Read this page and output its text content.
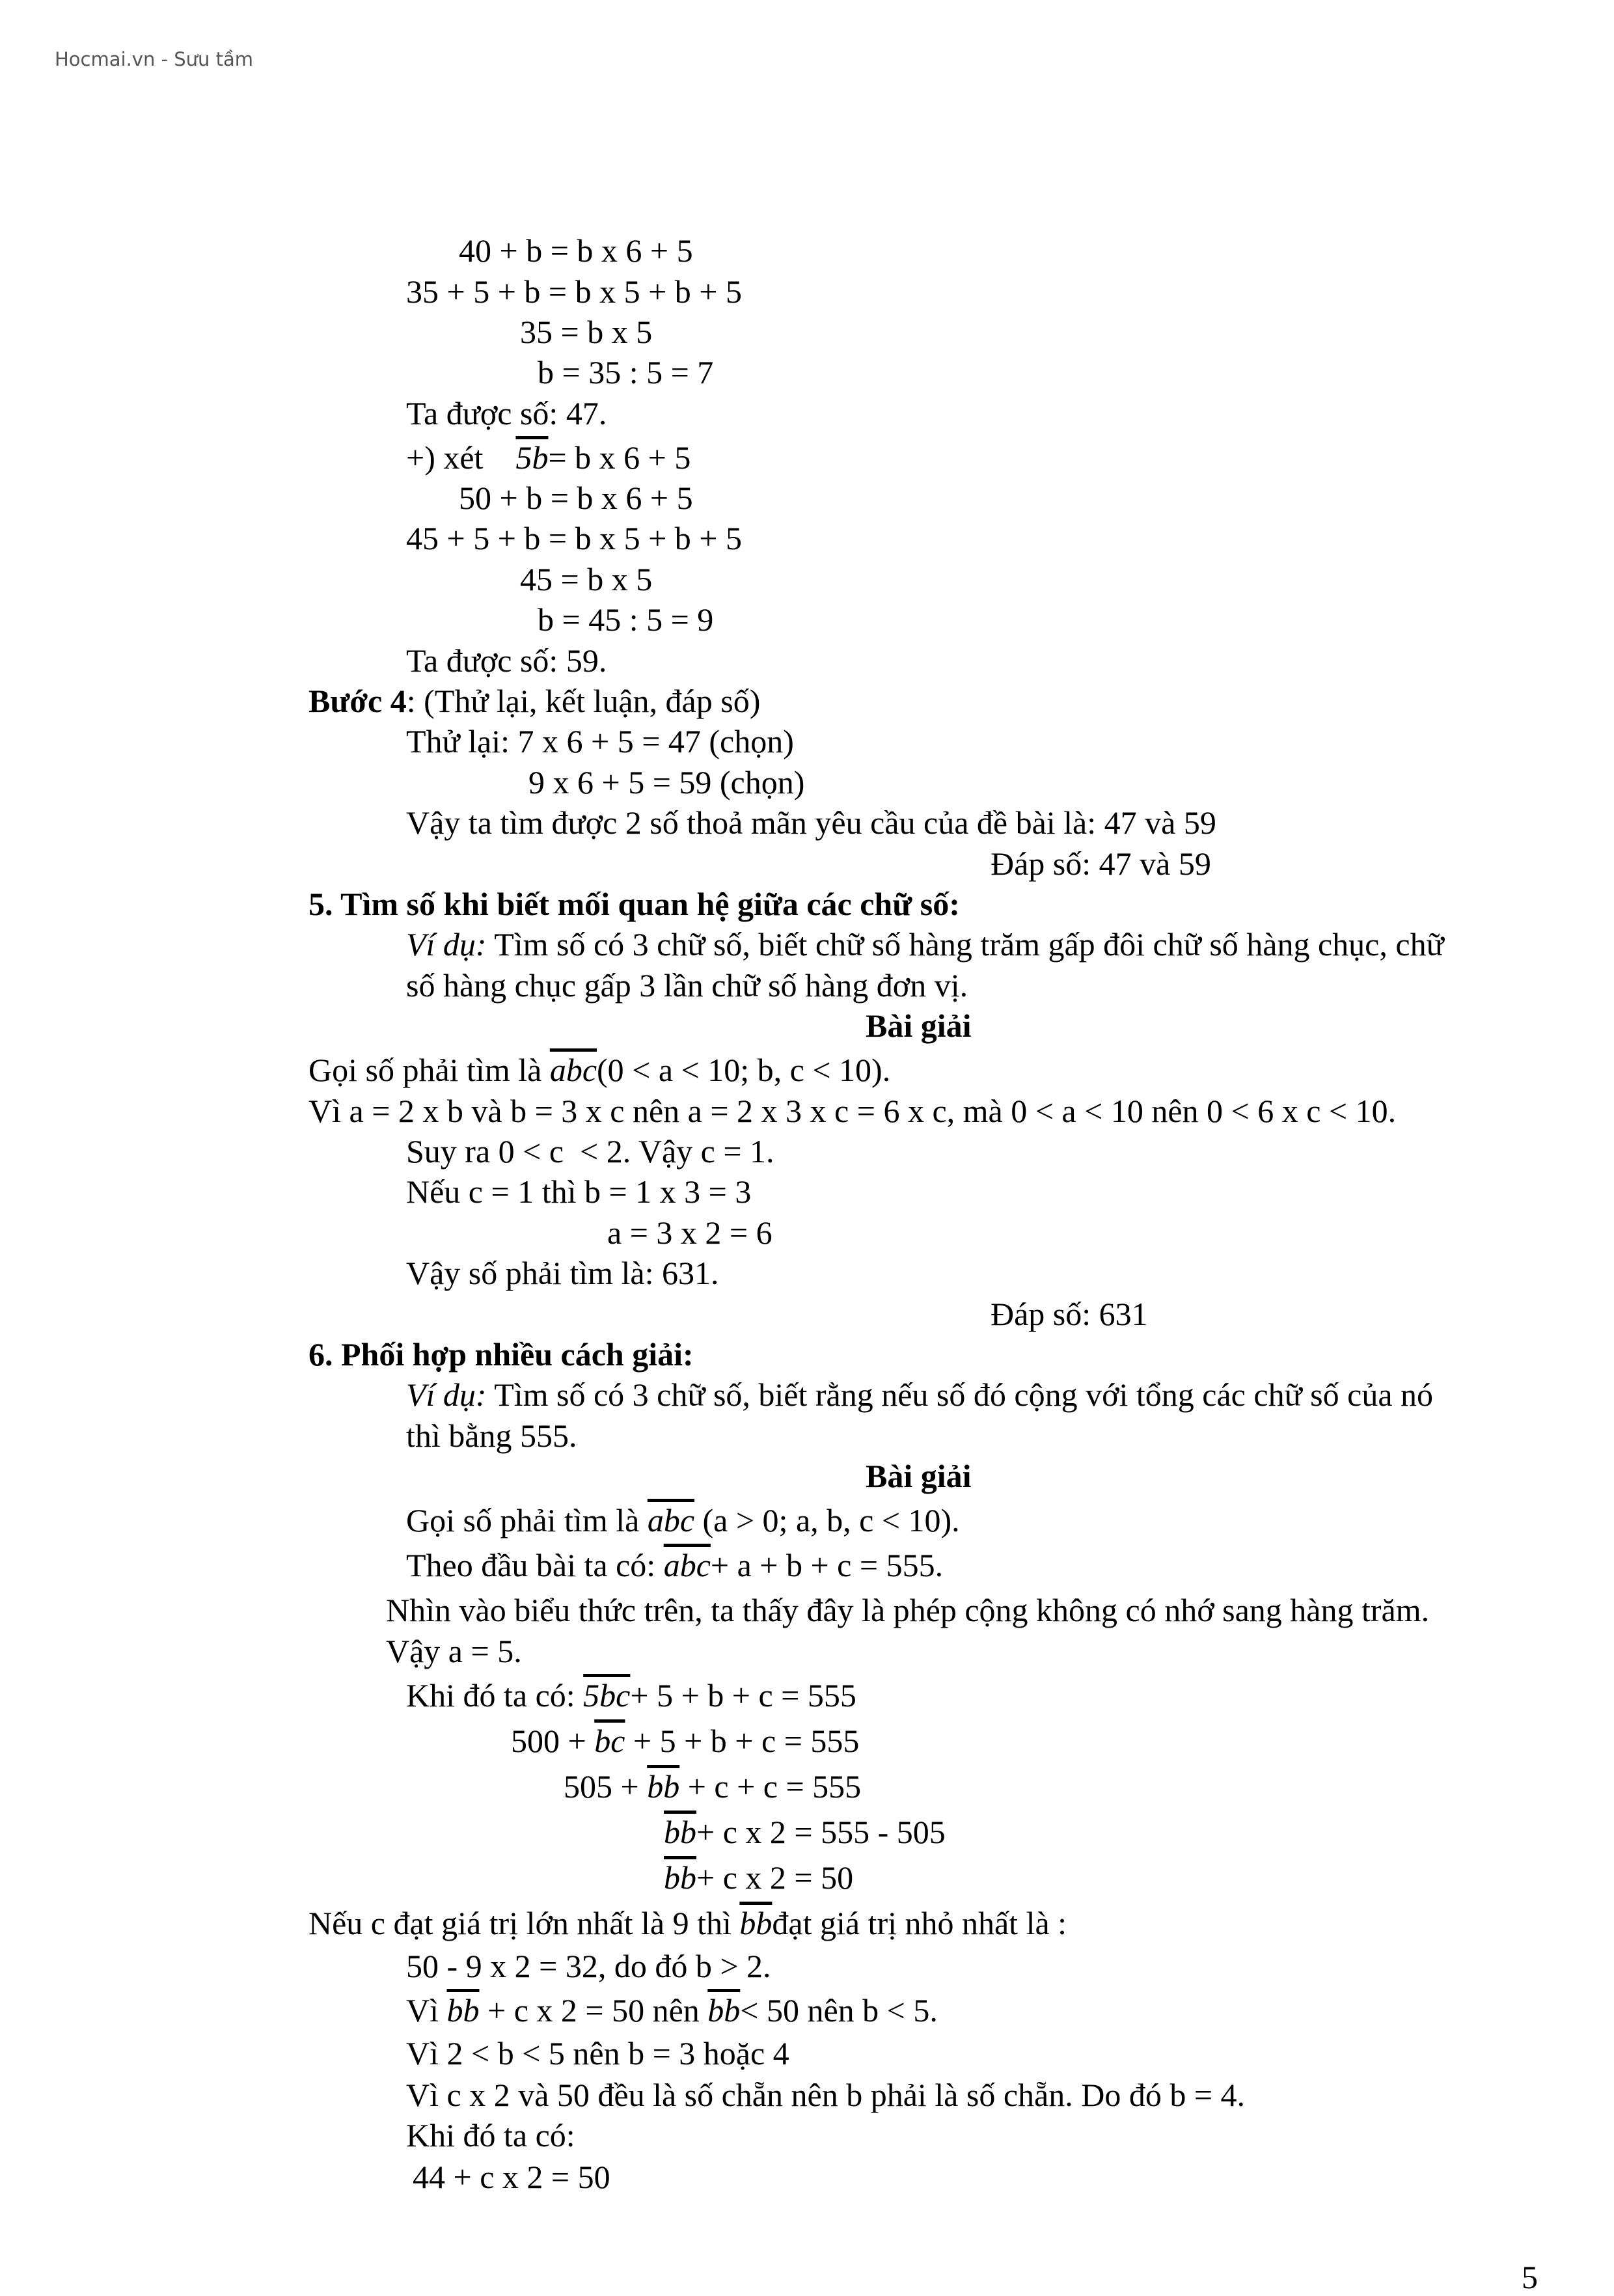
Hocmai.vn - Sưu tầm
40 + b = b x 6 + 5
35 + 5 + b = b x 5 + b + 5
35 = b x 5
b = 35 : 5 = 7
Ta được số: 47.
+) xét 5b= b x 6 + 5
50 + b = b x 6 + 5
45 + 5 + b = b x 5 + b + 5
45 = b x 5
b = 45 : 5 = 9
Ta được số: 59.
Bước 4: (Thử lại, kết luận, đáp số)
Thử lại: 7 x 6 + 5 = 47 (chọn)
9 x 6 + 5 = 59 (chọn)
Vậy ta tìm được 2 số thoả mãn yêu cầu của đề bài là: 47 và 59
Đáp số: 47 và 59
5. Tìm số khi biết mối quan hệ giữa các chữ số:
Ví dụ: Tìm số có 3 chữ số, biết chữ số hàng trăm gấp đôi chữ số hàng chục, chữ
số hàng chục gấp 3 lần chữ số hàng đơn vị.
Bài giải
Gọi số phải tìm là $\overline{abc}(0 < a < 10$; b, c < 10).
Vì a = 2 x b và b = 3 x c nên a = 2 x 3 x c = 6 x c, mà 0 < a < 10 nên 0 < 6 x c < 10.
Suy ra 0 < c  < 2. Vậy c = 1.
Nếu c = 1 thì b = 1 x 3 = 3
a = 3 x 2 = 6
Vậy số phải tìm là: 631.
Đáp số: 631
6. Phối hợp nhiều cách giải:
Ví dụ: Tìm số có 3 chữ số, biết rằng nếu số đó cộng với tổng các chữ số của nó
thì bằng 555.
Bài giải
Gọi số phải tìm là $\overline{abc}$ (a > 0; a, b, c < 10).
Theo đầu bài ta có: $\overline{abc}+ a + b + c = 555$.
Nhìn vào biểu thức trên, ta thấy đây là phép cộng không có nhớ sang hàng trăm.
Vậy a = 5.
Khi đó ta có: 5bc+ 5 + b + c = 555
$500 + \overline{bc} + 5 + b + c = 555$
$505 + \overline{bb} + c + c = 555$
$\overline{bb}+ c$ x 2 = 555 - 505
$\overline{bb}+ c$ x 2 = 50
Nếu c đạt giá trị lớn nhất là 9 thì $\overline{bb}đạt$ giá trị nhỏ nhất là :
50 - 9 x 2 = 32, do đó b > 2.
Vì $\overline{bb} + c$ x 2 = 50 nên $\overline{bb}< 50$ nên b < 5.
Vì 2 < b < 5 nên b = 3 hoặc 4
Vì c x 2 và 50 đều là số chẵn nên b phải là số chẵn. Do đó b = 4.
Khi đó ta có:
44 + c x 2 = 50
5
